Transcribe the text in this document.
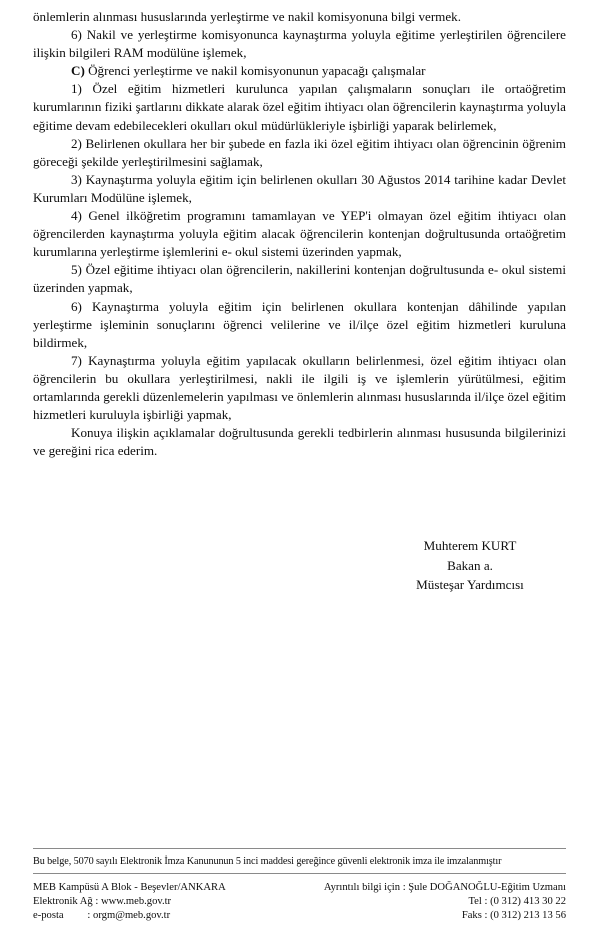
önlemlerin alınması hususlarında yerleştirme ve nakil komisyonuna bilgi vermek.

6) Nakil ve yerleştirme komisyonunca kaynaştırma yoluyla eğitime yerleştirilen öğrencilere ilişkin bilgileri RAM modülüne işlemek,

C) Öğrenci yerleştirme ve nakil komisyonunun yapacağı çalışmalar

1) Özel eğitim hizmetleri kurulunca yapılan çalışmaların sonuçları ile ortaöğretim kurumlarının fiziki şartlarını dikkate alarak özel eğitim ihtiyacı olan öğrencilerin kaynaştırma yoluyla eğitime devam edebilecekleri okulları okul müdürlükleriyle işbirliği yaparak belirlemek,

2) Belirlenen okullara her bir şubede en fazla iki özel eğitim ihtiyacı olan öğrencinin öğrenim göreceği şekilde yerleştirilmesini sağlamak,

3) Kaynaştırma yoluyla eğitim için belirlenen okulları 30 Ağustos 2014 tarihine kadar Devlet Kurumları Modülüne işlemek,

4) Genel ilköğretim programını tamamlayan ve YEP'i olmayan özel eğitim ihtiyacı olan öğrencilerden kaynaştırma yoluyla eğitim alacak öğrencilerin kontenjan doğrultusunda ortaöğretim kurumlarına yerleştirme işlemlerini e- okul sistemi üzerinden yapmak,

5) Özel eğitime ihtiyacı olan öğrencilerin, nakillerini kontenjan doğrultusunda e- okul sistemi üzerinden yapmak,

6) Kaynaştırma yoluyla eğitim için belirlenen okullara kontenjan dâhilinde yapılan yerleştirme işleminin sonuçlarını öğrenci velilerine ve il/ilçe özel eğitim hizmetleri kuruluna bildirmek,

7) Kaynaştırma yoluyla eğitim yapılacak okulların belirlenmesi, özel eğitim ihtiyacı olan öğrencilerin bu okullara yerleştirilmesi, nakli ile ilgili iş ve işlemlerin yürütülmesi, eğitim ortamlarında gerekli düzenlemelerin yapılması ve önlemlerin alınması hususlarında il/ilçe özel eğitim hizmetleri kuruluyla işbirliği yapmak,

Konuya ilişkin açıklamalar doğrultusunda gerekli tedbirlerin alınması hususunda bilgilerinizi ve gereğini rica ederim.

Muhterem KURT
Bakan a.
Müsteşar Yardımcısı
Bu belge, 5070 sayılı Elektronik İmza Kanununun 5 inci maddesi gereğince güvenli elektronik imza ile imzalanmıştır
MEB Kampüsü A Blok - Beşevler/ANKARA
Elektronik Ağ : www.meb.gov.tr
e-posta         : orgm@meb.gov.tr
Ayrıntılı bilgi için : Şule DOĞANOĞLU-Eğitim Uzmanı
Tel : (0 312) 413 30 22
Faks : (0 312) 213 13 56
